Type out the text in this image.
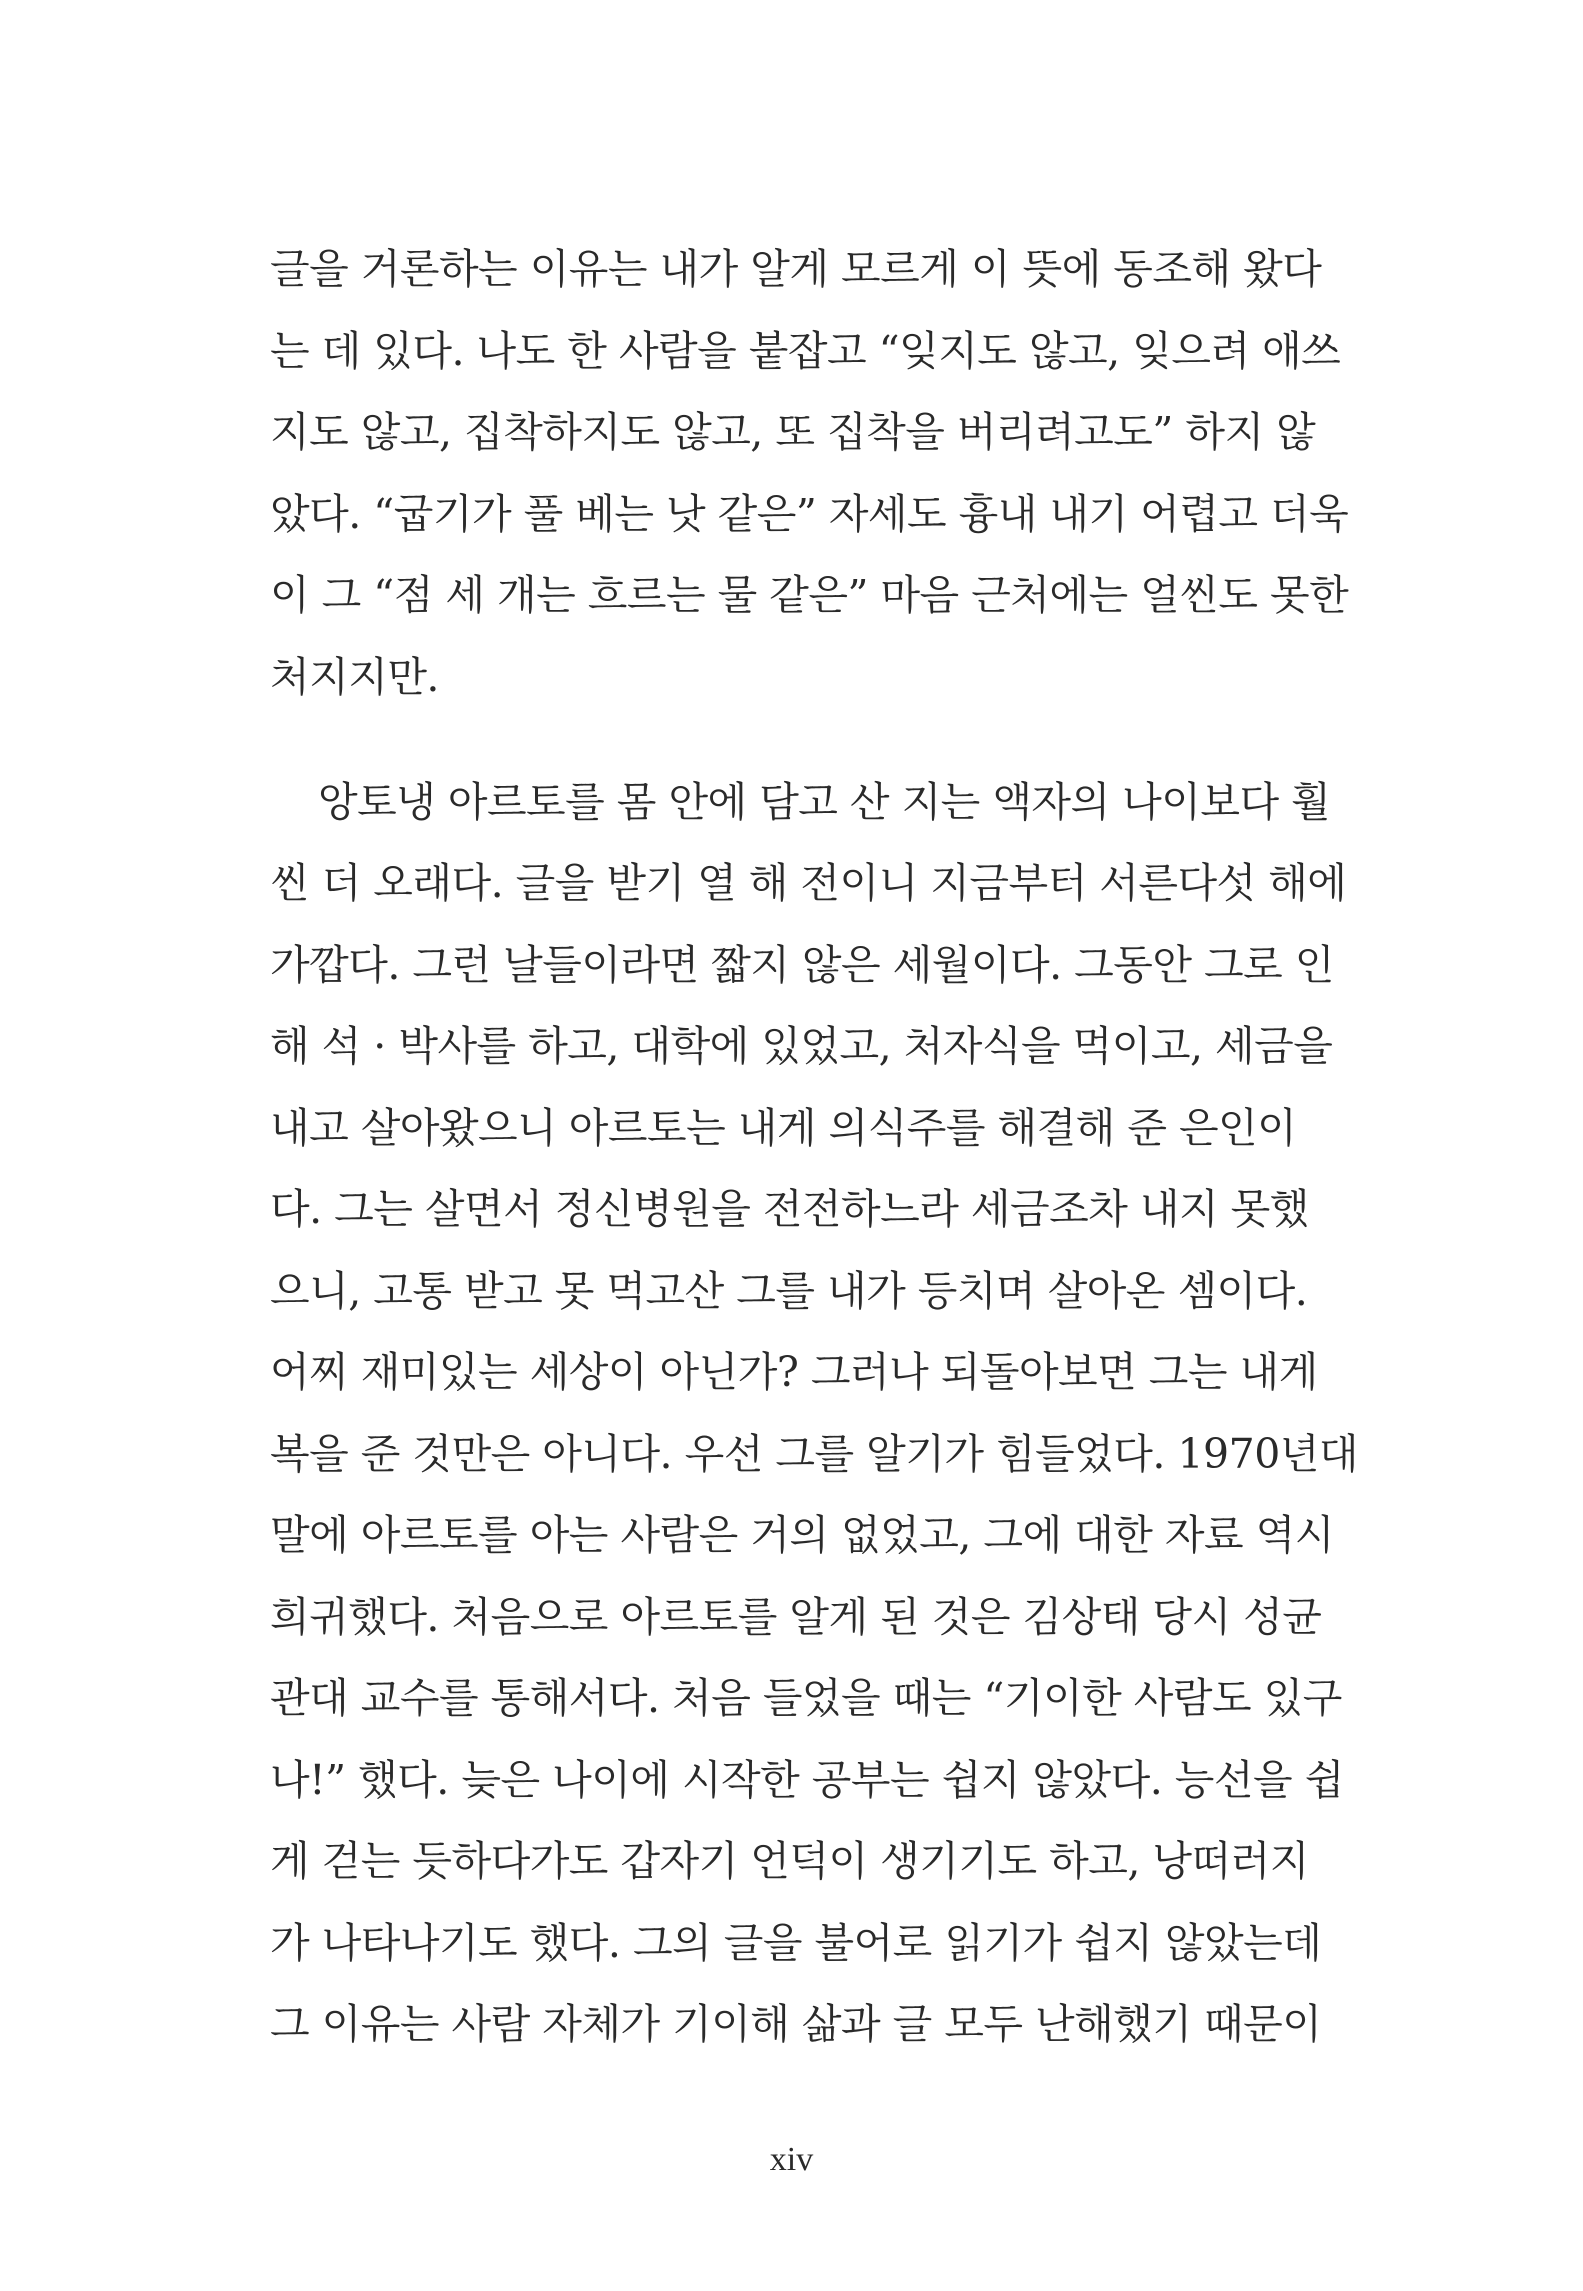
글을 거론하는 이유는 내가 알게 모르게 이 뜻에 동조해 왔다
는 데 있다. 나도 한 사람을 붙잡고 “잊지도 않고, 잊으려 애쓰
지도 않고, 집착하지도 않고, 또 집착을 버리려고도” 하지 않
았다. “굽기가 풀 베는 낫 같은” 자세도 흉내 내기 어렵고 더욱
이 그 “점 세 개는 흐르는 물 같은” 마음 근처에는 얼씬도 못한
처지지만.
앙토냉 아르토를 몸 안에 담고 산 지는 액자의 나이보다 훨
씬 더 오래다. 글을 받기 열 해 전이니 지금부터 서른다섯 해에
가깝다. 그런 날들이라면 짧지 않은 세월이다. 그동안 그로 인
해 석 · 박사를 하고, 대학에 있었고, 처자식을 먹이고, 세금을
내고 살아왔으니 아르토는 내게 의식주를 해결해 준 은인이
다. 그는 살면서 정신병원을 전전하느라 세금조차 내지 못했
으니, 고통 받고 못 먹고산 그를 내가 등치며 살아온 셈이다.
어찌 재미있는 세상이 아닌가? 그러나 되돌아보면 그는 내게
복을 준 것만은 아니다. 우선 그를 알기가 힘들었다. 1970년대
말에 아르토를 아는 사람은 거의 없었고, 그에 대한 자료 역시
희귀했다. 처음으로 아르토를 알게 된 것은 김상태 당시 성균
관대 교수를 통해서다. 처음 들었을 때는 “기이한 사람도 있구
나!” 했다. 늦은 나이에 시작한 공부는 쉽지 않았다. 능선을 쉽
게 걷는 듯하다가도 갑자기 언덕이 생기기도 하고, 낭떠러지
가 나타나기도 했다. 그의 글을 불어로 읽기가 쉽지 않았는데
그 이유는 사람 자체가 기이해 삶과 글 모두 난해했기 때문이
xiv
